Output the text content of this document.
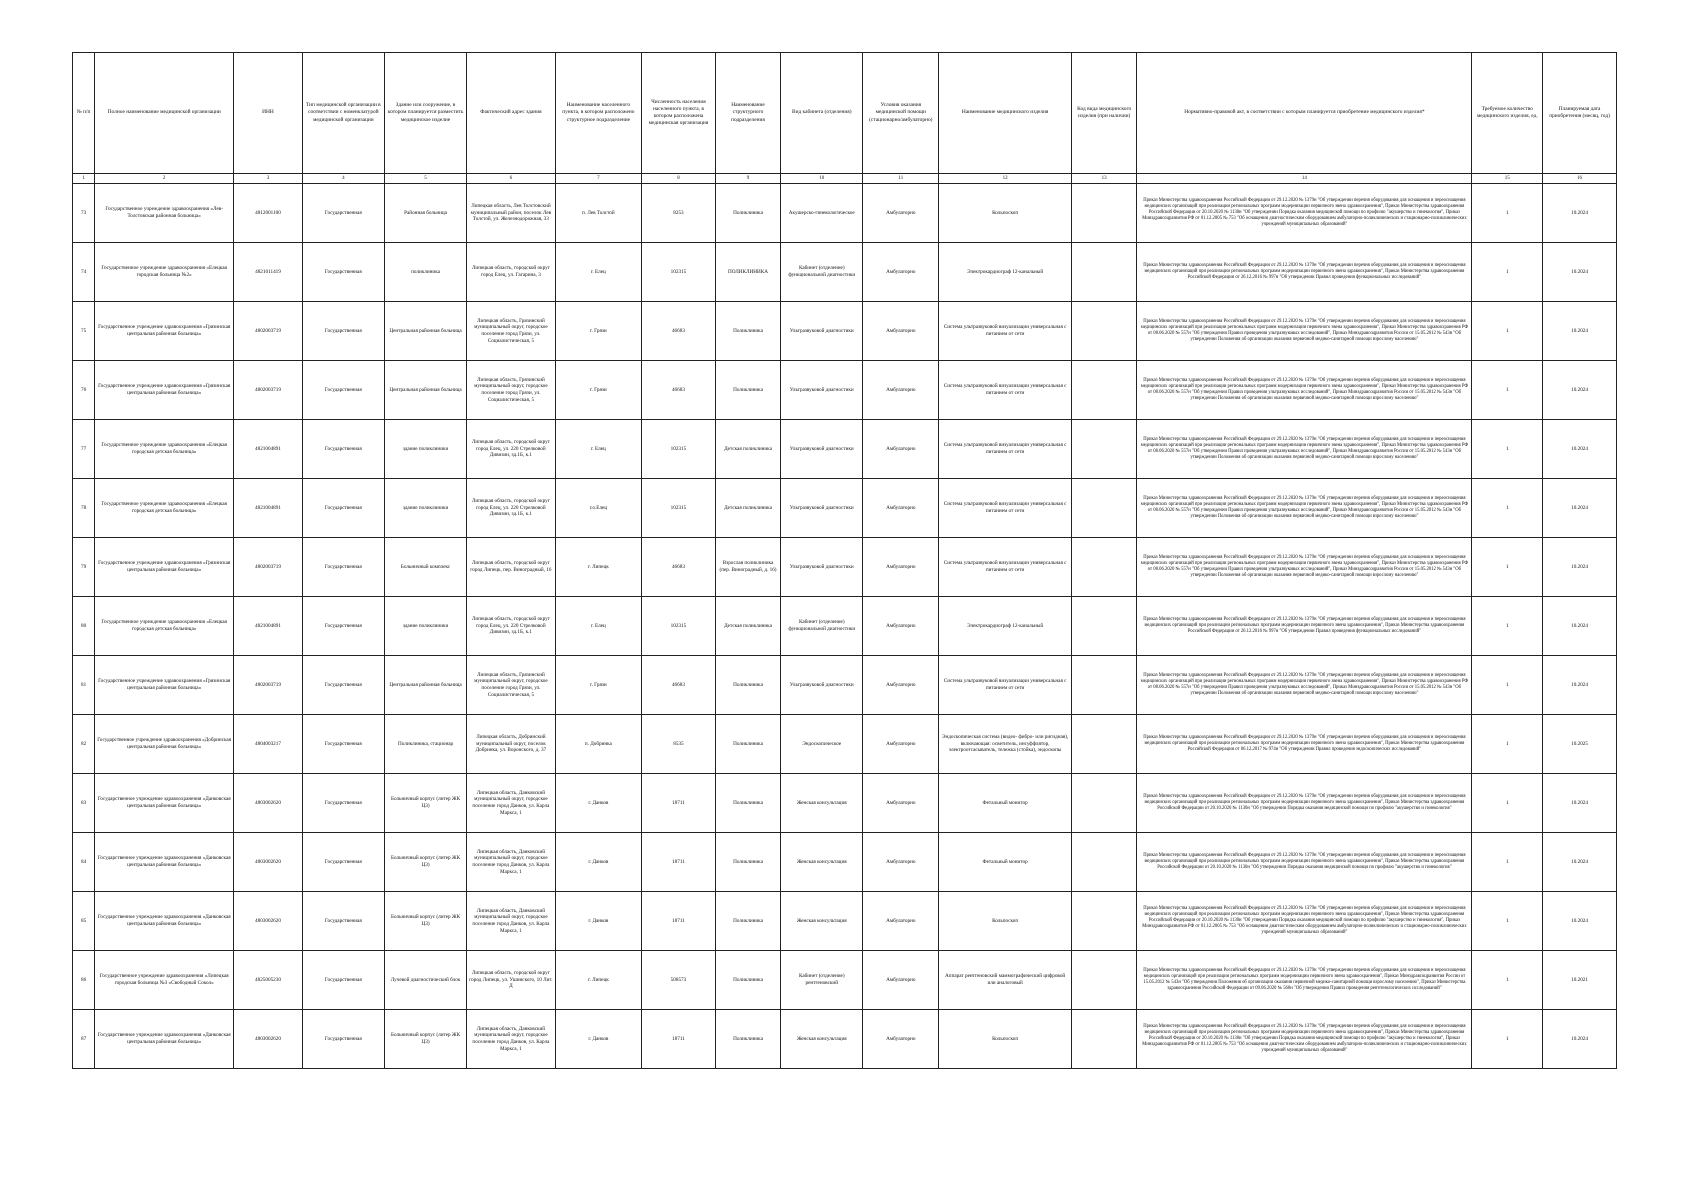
№ п/п	Полное наименование медицинской организации	ИНН	Тип медицинской организации в соответствии с номенклатурой медицинской организации	Здание или сооружение, в котором планируется разместить медицинское изделие	Фактический адрес здания	Наименование населенного пункта, в котором расположено структурное подразделение	Численность населения населенного пункта, в котором расположена медицинская организация	Наименование структурного подразделения	Вид кабинета (отделения)	Условия оказания медицинской помощи (стационарно/амбулаторно)	Наименование медицинского изделия	Код вида медицинского изделия (при наличии)	Нормативно-правовой акт, в соответствии с которым планируется приобретение медицинского изделия*	Требуемое количество медицинского изделия, ед.	Планируемая дата приобретения (месяц, год)
1	2	3	4	5	6	7	8	9	10	11	12	13	14	15	16
73	Государственное учреждение здравоохранения «Лев-Толстовская районная больница»	4812001100	Государственная	Районная больница	Липецкая область, Лев Толстовский муниципальный район, поселок Лев Толстой, ул. Железнодорожная, 33	п. Лев Толстой	8253	Поликлиника	Акушерско-гинекологическое	Амбулаторно	Кольпоскоп		Приказ Министерства здравоохранения Российской Федерации от 29.12.2020 № 1379н "Об утверждении перечня оборудования для оснащения и переоснащения медицинских организаций при реализации региональных программ модернизации первичного звена здравоохранения", Приказ Министерства здравоохранения Российской Федерации от 20.10.2020 № 1130н "Об утверждении Порядка оказания медицинской помощи по профилю "акушерство и гинекология", Приказ Минздравсоцразвития РФ от 01.12.2005 № 753 "Об оснащении диагностическим оборудованием амбулаторно-поликлинических и стационарно-поликлинических учреждений муниципальных образований"	1	10.2024
74	Государственное учреждение здравоохранения «Елецкая городская больница №2»	4821011419	Государственная	поликлиника	Липецкая область, городской округ город Елец, ул. Гагарина, 3	г. Елец	102315	ПОЛИКЛИНИКА	Кабинет (отделение) функциональной диагностики	Амбулаторно	Электрокардиограф 12-канальный		Приказ Министерства здравоохранения Российской Федерации от 29.12.2020 № 1379н "Об утверждении перечня оборудования для оснащения и переоснащения медицинских организаций при реализации региональных программ модернизации первичного звена здравоохранения", Приказ Министерства здравоохранения Российской Федерации от 26.12.2016 № 997н "Об утверждении Правил проведения функциональных исследований"	1	10.2024
75	Государственное учреждение здравоохранения «Грязинская центральная районная больница»	4802003719	Государственная	Центральная районная больница	Липецкая область, Грязинский муниципальный округ, городское поселение город Грязи, ул. Социалистическая, 5	г. Грязи	46683	Поликлиника	Ультразвуковой диагностики	Амбулаторно	Система ультразвуковой визуализации универсальная с питанием от сети		Приказ Министерства здравоохранения Российской Федерации от 29.12.2020 № 1379н "Об утверждении перечня оборудования для оснащения и переоснащения медицинских организаций при реализации региональных программ модернизации первичного звена здравоохранения", Приказ Министерства здравоохранения РФ от 08.06.2020 № 557н "Об утверждении Правил проведения ультразвуковых исследований", Приказ Минздравсоцразвития России от 15.05.2012 № 543н "Об утверждении Положения об организации оказания первичной медико-санитарной помощи взрослому населению"	1	10.2024
76	Государственное учреждение здравоохранения «Грязинская центральная районная больница»	4802003719	Государственная	Центральная районная больница	Липецкая область, Грязинский муниципальный округ, городское поселение город Грязи, ул. Социалистическая, 5	г. Грязи	46683	Поликлиника	Ультразвуковой диагностики	Амбулаторно	Система ультразвуковой визуализации универсальная с питанием от сети		Приказ Министерства здравоохранения Российской Федерации от 29.12.2020 № 1379н "Об утверждении перечня оборудования для оснащения и переоснащения медицинских организаций при реализации региональных программ модернизации первичного звена здравоохранения", Приказ Министерства здравоохранения РФ от 08.06.2020 № 557н "Об утверждении Правил проведения ультразвуковых исследований", Приказ Минздравсоцразвития России от 15.05.2012 № 543н "Об утверждении Положения об организации оказания первичной медико-санитарной помощи взрослому населению"	1	10.2024
77	Государственное учреждение здравоохранения «Елецкая городская детская больница»	4821004891	Государственная	здание поликлиники	Липецкая область, городской округ город Елец, ул. 220 Стрелковой Дивизии, зд.1Б, к.1	г. Елец	102315	Детская поликлиника	Ультразвуковой диагностики	Амбулаторно	Система ультразвуковой визуализации универсальная с питанием от сети		Приказ Министерства здравоохранения Российской Федерации от 29.12.2020 № 1379н "Об утверждении перечня оборудования для оснащения и переоснащения медицинских организаций при реализации региональных программ модернизации первичного звена здравоохранения", Приказ Министерства здравоохранения РФ от 08.06.2020 № 557н "Об утверждении Правил проведения ультразвуковых исследований", Приказ Минздравсоцразвития России от 15.05.2012 № 543н "Об утверждении Положения об организации оказания первичной медико-санитарной помощи взрослому населению"	1	10.2024
78	Государственное учреждение здравоохранения «Елецкая городская детская больница»	4821004891	Государственная	здание поликлиники	Липецкая область, городской округ город Елец, ул. 220 Стрелковой Дивизии, зд.1Б, к.1	г.о.Елец	102315	Детская поликлиника	Ультразвуковой диагностики	Амбулаторно	Система ультразвуковой визуализации универсальная с питанием от сети		Приказ Министерства здравоохранения Российской Федерации от 29.12.2020 № 1379н "Об утверждении перечня оборудования для оснащения и переоснащения медицинских организаций при реализации региональных программ модернизации первичного звена здравоохранения", Приказ Министерства здравоохранения РФ от 08.06.2020 № 557н "Об утверждении Правил проведения ультразвуковых исследований", Приказ Минздравсоцразвития России от 15.05.2012 № 543н "Об утверждении Положения об организации оказания первичной медико-санитарной помощи взрослому населению"	1	10.2024
79	Государственное учреждение здравоохранения «Грязинская центральная районная больница»	4802003719	Государственная	Больничный комплекс	Липецкая область, городской округ город Липецк, пер. Виноградный, 16	г. Липецк	46683	Взрослая поликлиника (пер. Виноградный, д. 16)	Ультразвуковой диагностики	Амбулаторно	Система ультразвуковой визуализации универсальная с питанием от сети		Приказ Министерства здравоохранения Российской Федерации от 29.12.2020 № 1379н "Об утверждении перечня оборудования для оснащения и переоснащения медицинских организаций при реализации региональных программ модернизации первичного звена здравоохранения", Приказ Министерства здравоохранения РФ от 08.06.2020 № 557н "Об утверждении Правил проведения ультразвуковых исследований", Приказ Минздравсоцразвития России от 15.05.2012 № 543н "Об утверждении Положения об организации оказания первичной медико-санитарной помощи взрослому населению"	1	10.2024
80	Государственное учреждение здравоохранения «Елецкая городская детская больница»	4821004891	Государственная	здание поликлиники	Липецкая область, городской округ город Елец, ул. 220 Стрелковой Дивизии, зд.1Б, к.1	г. Елец	102315	Детская поликлиника	Кабинет (отделение) функциональной диагностики	Амбулаторно	Электрокардиограф 12-канальный		Приказ Министерства здравоохранения Российской Федерации от 29.12.2020 № 1379н "Об утверждении перечня оборудования для оснащения и переоснащения медицинских организаций при реализации региональных программ модернизации первичного звена здравоохранения", Приказ Министерства здравоохранения Российской Федерации от 26.12.2016 № 997н "Об утверждении Правил проведения функциональных исследований"	1	10.2024
81	Государственное учреждение здравоохранения «Грязинская центральная районная больница»	4802003719	Государственная	Центральная районная больница	Липецкая область, Грязинский муниципальный округ, городское поселение город Грязи, ул. Социалистическая, 5	г. Грязи	46683	Поликлиника	Ультразвуковой диагностики	Амбулаторно	Система ультразвуковой визуализации универсальная с питанием от сети		Приказ Министерства здравоохранения Российской Федерации от 29.12.2020 № 1379н "Об утверждении перечня оборудования для оснащения и переоснащения медицинских организаций при реализации региональных программ модернизации первичного звена здравоохранения", Приказ Министерства здравоохранения РФ от 08.06.2020 № 557н "Об утверждении Правил проведения ультразвуковых исследований", Приказ Минздравсоцразвития России от 15.05.2012 № 543н "Об утверждении Положения об организации оказания первичной медико-санитарной помощи взрослому населению"	1	10.2024
82	Государственное учреждение здравоохранения «Добринская центральная районная больница»	4804003217	Государственная	Поликлиника, стационар	Липецкая область, Добринский муниципальный округ, поселок Добринка, ул. Воронского, д. 37	п. Добринка	8535	Поликлиника	Эндоскопическое	Амбулаторно	Эндоскопическая система (видео- фибро- или ригидная), включающая: осветитель, инсуффлятор, электроотсасыватель, тележка (стойка), эндоскопы		Приказ Министерства здравоохранения Российской Федерации от 29.12.2020 № 1379н "Об утверждении перечня оборудования для оснащения и переоснащения медицинских организаций при реализации региональных программ модернизации первичного звена здравоохранения", Приказ Министерства здравоохранения Российской Федерации от 06.12.2017 № 974н "Об утверждении Правил проведения эндоскопических исследований"	1	10.2025
83	Государственное учреждение здравоохранения «Данковская центральная районная больница»	4803002620	Государственная	Больничный корпус (литер ЖК Ц3)	Липецкая область, Данковский муниципальный округ, городское поселение город Данков, ул. Карла Маркса, 1	г. Данков	18711	Поликлиника	Женская консультация	Амбулаторно	Фетальный монитор		Приказ Министерства здравоохранения Российской Федерации от 29.12.2020 № 1379н "Об утверждении перечня оборудования для оснащения и переоснащения медицинских организаций при реализации региональных программ модернизации первичного звена здравоохранения", Приказ Министерства здравоохранения Российской Федерации от 20.10.2020 № 1130н "Об утверждении Порядка оказания медицинской помощи по профилю "акушерство и гинекология"	1	10.2024
84	Государственное учреждение здравоохранения «Данковская центральная районная больница»	4803002620	Государственная	Больничный корпус (литер ЖК Ц3)	Липецкая область, Данковский муниципальный округ, городское поселение город Данков, ул. Карла Маркса, 1	г. Данков	18711	Поликлиника	Женская консультация	Амбулаторно	Фетальный монитор		Приказ Министерства здравоохранения Российской Федерации от 29.12.2020 № 1379н "Об утверждении перечня оборудования для оснащения и переоснащения медицинских организаций при реализации региональных программ модернизации первичного звена здравоохранения", Приказ Министерства здравоохранения Российской Федерации от 20.10.2020 № 1130н "Об утверждении Порядка оказания медицинской помощи по профилю "акушерство и гинекология"	1	10.2024
85	Государственное учреждение здравоохранения «Данковская центральная районная больница»	4803002620	Государственная	Больничный корпус (литер ЖК Ц3)	Липецкая область, Данковский муниципальный округ, городское поселение город Данков, ул. Карла Маркса, 1	г. Данков	18711	Поликлиника	Женская консультация	Амбулаторно	Кольпоскоп		Приказ Министерства здравоохранения Российской Федерации от 29.12.2020 № 1379н "Об утверждении перечня оборудования для оснащения и переоснащения медицинских организаций при реализации региональных программ модернизации первичного звена здравоохранения", Приказ Министерства здравоохранения Российской Федерации от 20.10.2020 № 1130н "Об утверждении Порядка оказания медицинской помощи по профилю "акушерство и гинекология", Приказ Минздравсоцразвития РФ от 01.12.2005 № 753 "Об оснащении диагностическим оборудованием амбулаторно-поликлинических и стационарно-поликлинических учреждений муниципальных образований"	1	10.2024
86	Государственное учреждение здравоохранения «Липецкая городская больница №3 «Свободный Сокол»	4825005230	Государственная	Лучевой диагностический блок	Липецкая область, городской округ город Липецк, ул. Ушинского, 10 Лит. Д	г. Липецк	508573	Поликлиника	Кабинет (отделение) рентгеновский	Амбулаторно	Аппарат рентгеновский маммографический цифровой или аналоговый		Приказ Министерства здравоохранения Российской Федерации от 29.12.2020 № 1379н "Об утверждении перечня оборудования для оснащения и переоснащения медицинских организаций при реализации региональных программ модернизации первичного звена здравоохранения", Приказ Минздравсоцразвития России от 15.05.2012 № 543н "Об утверждении Положения об организации оказания первичной медико-санитарной помощи взрослому населению", Приказ Министерства здравоохранения Российской Федерации от 09.06.2020 № 560н "Об утверждении Правил проведения рентгенологических исследований"	1	10.2021
87	Государственное учреждение здравоохранения «Данковская центральная районная больница»	4803002620	Государственная	Больничный корпус (литер ЖК Ц3)	Липецкая область, Данковский муниципальный округ, городское поселение город Данков, ул. Карла Маркса, 1	г. Данков	18711	Поликлиника	Женская консультация	Амбулаторно	Кольпоскоп		Приказ Министерства здравоохранения Российской Федерации от 29.12.2020 № 1379н "Об утверждении перечня оборудования для оснащения и переоснащения медицинских организаций при реализации региональных программ модернизации первичного звена здравоохранения", Приказ Министерства здравоохранения Российской Федерации от 20.10.2020 № 1130н "Об утверждении Порядка оказания медицинской помощи по профилю "акушерство и гинекология", Приказ Минздравсоцразвития РФ от 01.12.2005 № 753 "Об оснащении диагностическим оборудованием амбулаторно-поликлинических и стационарно-поликлинических учреждений муниципальных образований"	1	10.2024
